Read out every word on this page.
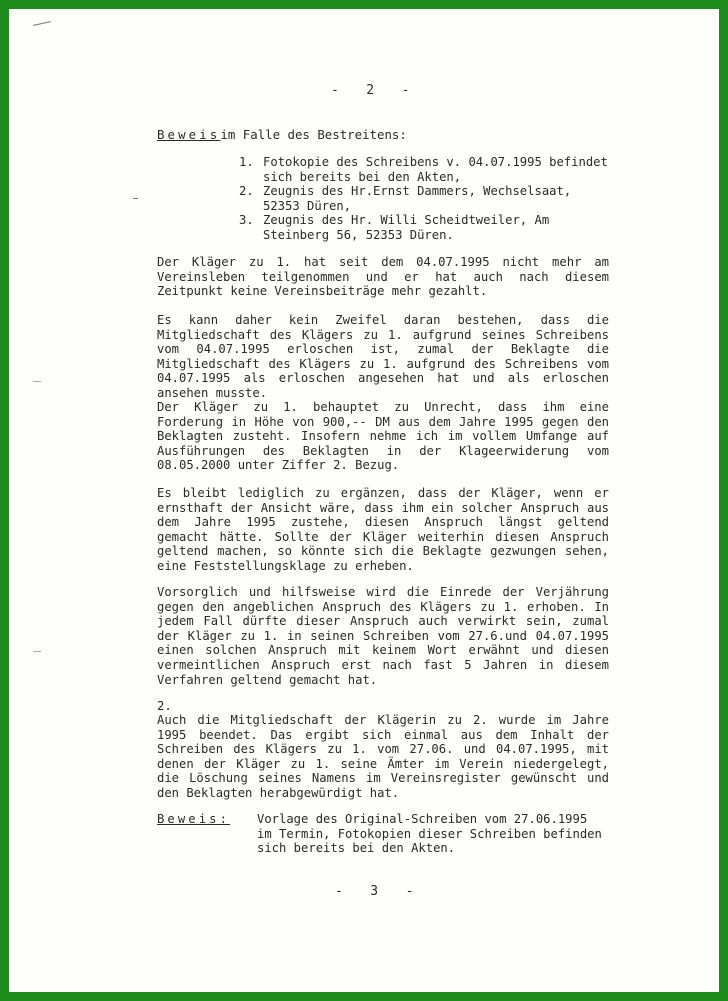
-   2   -
Beweisim Falle des Bestreitens:
1. Fotokopie des Schreibens v. 04.07.1995 befindet sich bereits bei den Akten,
2. Zeugnis des Hr.Ernst Dammers, Wechselsaat, 52353 Düren,
3. Zeugnis des Hr. Willi Scheidtweiler, Am Steinberg 56, 52353 Düren.

Der Kläger zu 1. hat seit dem 04.07.1995 nicht mehr am Vereinsleben teilgenommen und er hat auch nach diesem Zeitpunkt keine Vereinsbeiträge mehr gezahlt.

Es kann daher kein Zweifel daran bestehen, dass die Mitgliedschaft des Klägers zu 1. aufgrund seines Schreibens vom 04.07.1995 erloschen ist, zumal der Beklagte die Mitgliedschaft des Klägers zu 1. aufgrund des Schreibens vom 04.07.1995 als erloschen angesehen hat und als erloschen ansehen musste.

Der Kläger zu 1. behauptet zu Unrecht, dass ihm eine Forderung in Höhe von 900,-- DM aus dem Jahre 1995 gegen den Beklagten zusteht. Insofern nehme ich im vollem Umfange auf Ausführungen des Beklagten in der Klageerwiderung vom 08.05.2000 unter Ziffer 2. Bezug.

Es bleibt lediglich zu ergänzen, dass der Kläger, wenn er ernsthaft der Ansicht wäre, dass ihm ein solcher Anspruch aus dem Jahre 1995 zustehe, diesen Anspruch längst geltend gemacht hätte. Sollte der Kläger weiterhin diesen Anspruch geltend machen, so könnte sich die Beklagte gezwungen sehen, eine Feststellungsklage zu erheben.

Vorsorglich und hilfsweise wird die Einrede der Verjährung gegen den angeblichen Anspruch des Klägers zu 1. erhoben. In jedem Fall dürfte dieser Anspruch auch verwirkt sein, zumal der Kläger zu 1. in seinen Schreiben vom 27.6.und 04.07.1995 einen solchen Anspruch mit keinem Wort erwähnt und diesen vermeintlichen Anspruch erst nach fast 5 Jahren in diesem Verfahren geltend gemacht hat.

2.

Auch die Mitgliedschaft der Klägerin zu 2. wurde im Jahre 1995 beendet. Das ergibt sich einmal aus dem Inhalt der Schreiben des Klägers zu 1. vom 27.06. und 04.07.1995, mit denen der Kläger zu 1. seine Ämter im Verein niedergelegt, die Löschung seines Namens im Vereinsregister gewünscht und den Beklagten herabgewürdigt hat.

Beweis: Vorlage des Original-Schreiben vom 27.06.1995 im Termin, Fotokopien dieser Schreiben befinden sich bereits bei den Akten.
-   3   -
